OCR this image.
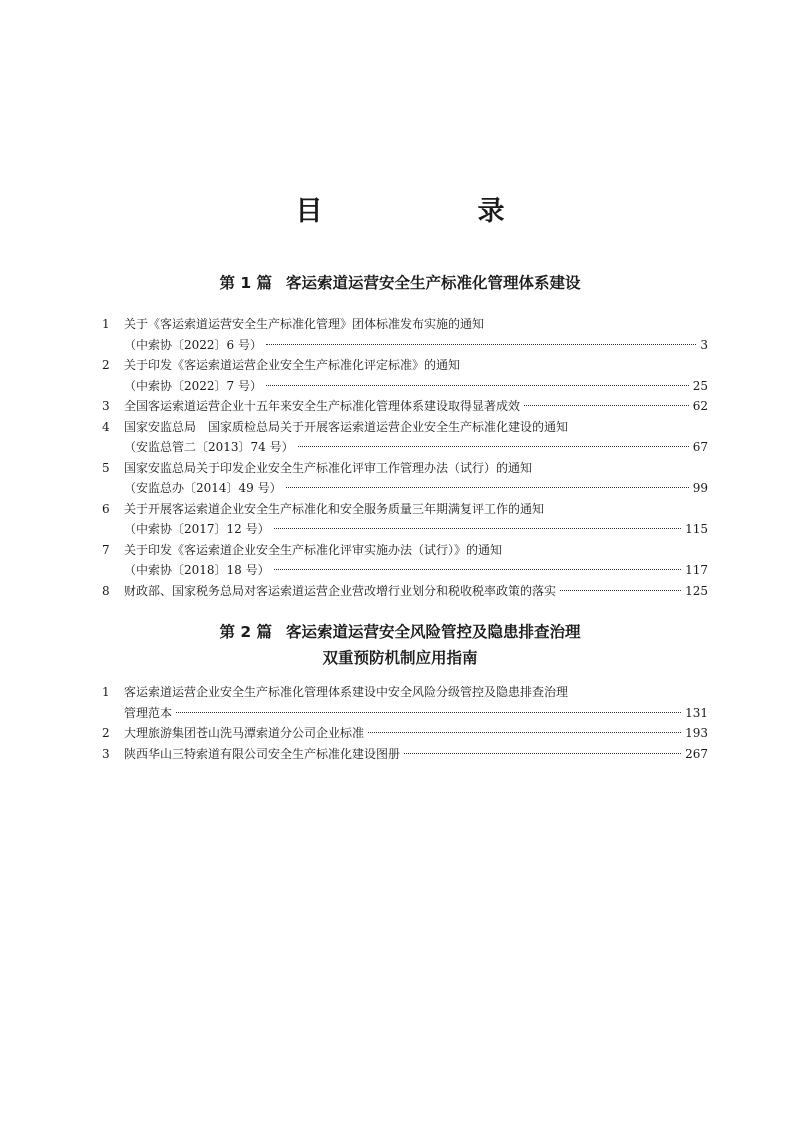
目　录
第 1 篇 客运索道运营安全生产标准化管理体系建设
1 关于《客运索道运营安全生产标准化管理》团体标准发布实施的通知
（中索协〔2022〕6 号）	3
2 关于印发《客运索道运营企业安全生产标准化评定标准》的通知
（中索协〔2022〕7 号）	25
3 全国客运索道运营企业十五年来安全生产标准化管理体系建设取得显著成效	62
4 国家安监总局　国家质检总局关于开展客运索道运营企业安全生产标准化建设的通知
（安监总管二〔2013〕74 号）	67
5 国家安监总局关于印发企业安全生产标准化评审工作管理办法（试行）的通知
（安监总办〔2014〕49 号）	99
6 关于开展客运索道企业安全生产标准化和安全服务质量三年期满复评工作的通知
（中索协〔2017〕12 号）	115
7 关于印发《客运索道企业安全生产标准化评审实施办法（试行）》的通知
（中索协〔2018〕18 号）	117
8 财政部、国家税务总局对客运索道运营企业营改增行业划分和税收税率政策的落实	125
第 2 篇 客运索道运营安全风险管控及隐患排查治理
双重预防机制应用指南
1 客运索道运营企业安全生产标准化管理体系建设中安全风险分级管控及隐患排查治理
管理范本	131
2 大理旅游集团苍山洗马潭索道分公司企业标准	193
3 陕西华山三特索道有限公司安全生产标准化建设图册	267
